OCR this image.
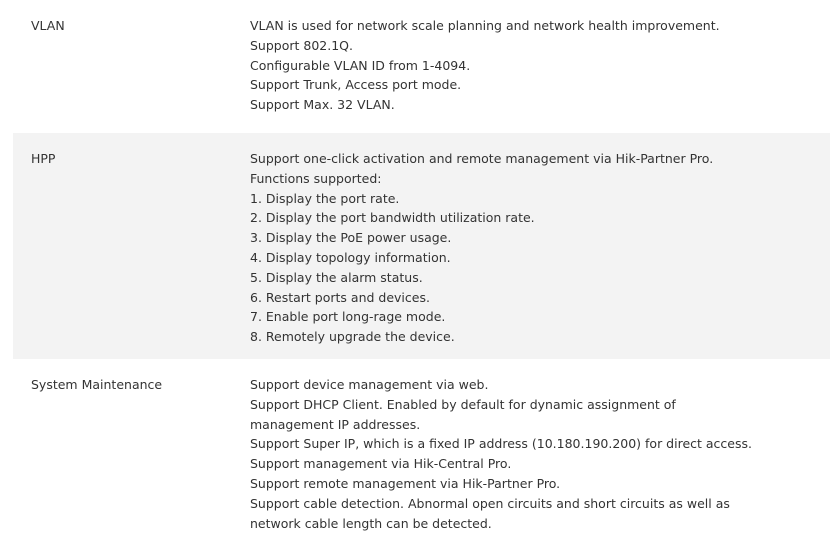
VLAN	VLAN is used for network scale planning and network health improvement.
Support 802.1Q.
Configurable VLAN ID from 1-4094.
Support Trunk, Access port mode.
Support Max. 32 VLAN.
HPP	Support one-click activation and remote management via Hik-Partner Pro. Functions supported:
1. Display the port rate.
2. Display the port bandwidth utilization rate.
3. Display the PoE power usage.
4. Display topology information.
5. Display the alarm status.
6. Restart ports and devices.
7. Enable port long-rage mode.
8. Remotely upgrade the device.
System Maintenance	Support device management via web.
Support DHCP Client. Enabled by default for dynamic assignment of management IP addresses.
Support Super IP, which is a fixed IP address (10.180.190.200) for direct access.
Support management via Hik-Central Pro.
Support remote management via Hik-Partner Pro.
Support cable detection. Abnormal open circuits and short circuits as well as network cable length can be detected.
